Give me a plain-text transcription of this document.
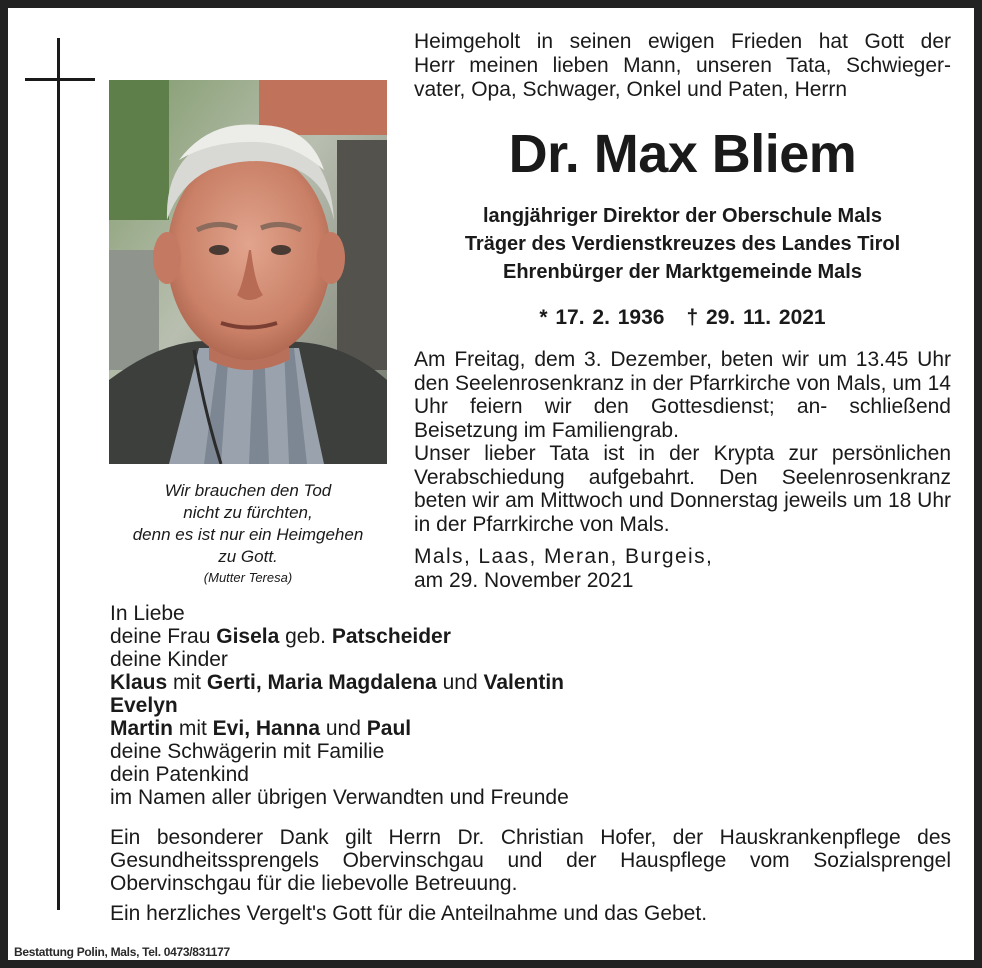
Wir brauchen den Tod
nicht zu fürchten,
denn es ist nur ein Heimgehen
zu Gott.
(Mutter Teresa)
Heimgeholt in seinen ewigen Frieden hat Gott der
Herr meinen lieben Mann, unseren Tata, Schwieger-
vater, Opa, Schwager, Onkel und Paten, Herrn
Dr. Max Bliem
langjähriger Direktor der Oberschule Mals
Träger des Verdienstkreuzes des Landes Tirol
Ehrenbürger der Marktgemeinde Mals
* 17. 2. 1936 † 29. 11. 2021

Am Freitag, dem 3. Dezember, beten wir um 13.45 Uhr den Seelenrosenkranz in der Pfarrkirche von Mals, um 14 Uhr feiern wir den Gottesdienst; an- schließend Beisetzung im Familiengrab.

Unser lieber Tata ist in der Krypta zur persönlichen Verabschiedung aufgebahrt. Den Seelenrosenkranz beten wir am Mittwoch und Donnerstag jeweils um 18 Uhr in der Pfarrkirche von Mals.

Mals, Laas, Meran, Burgeis,
am 29. November 2021
In Liebe
deine Frau Gisela geb. Patscheider
deine Kinder
Klaus mit Gerti, Maria Magdalena und Valentin
Evelyn
Martin mit Evi, Hanna und Paul
deine Schwägerin mit Familie
dein Patenkind
im Namen aller übrigen Verwandten und Freunde

Ein besonderer Dank gilt Herrn Dr. Christian Hofer, der Hauskrankenpflege des Gesundheitssprengels Obervinschgau und der Hauspflege vom Sozialsprengel Obervinschgau für die liebevolle Betreuung.

Ein herzliches Vergelt's Gott für die Anteilnahme und das Gebet.
Bestattung Polin, Mals, Tel. 0473/831177
